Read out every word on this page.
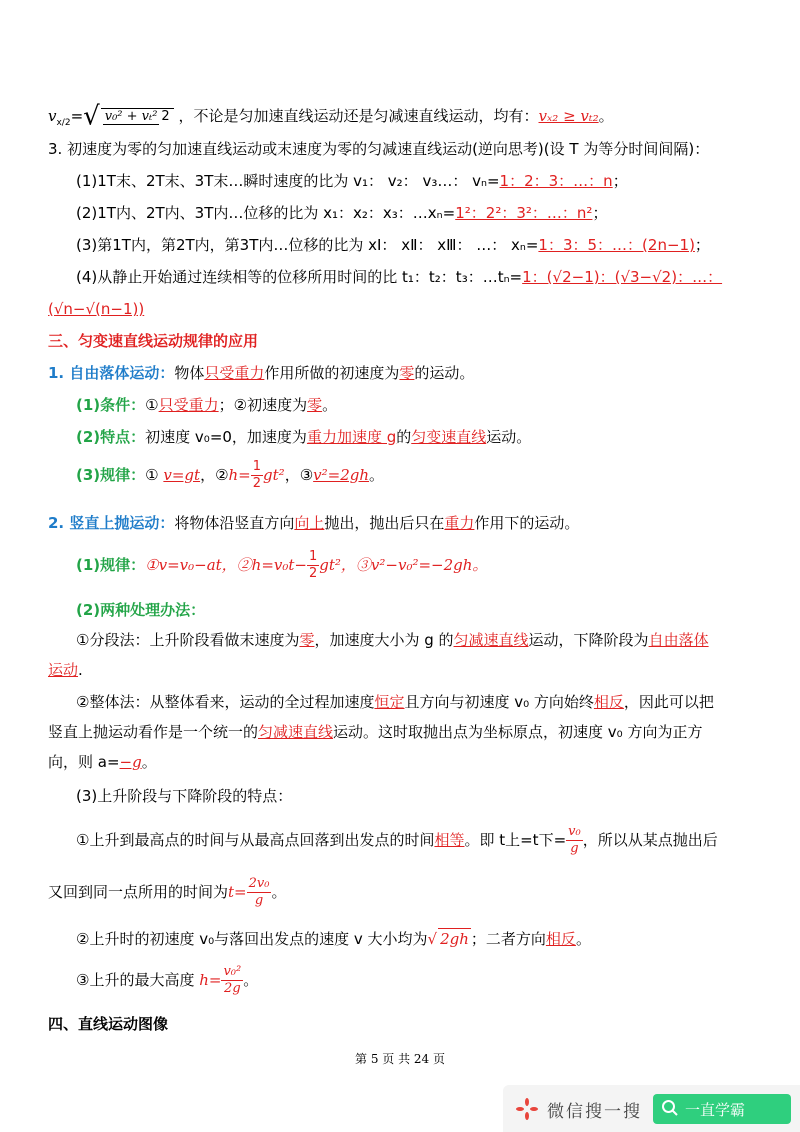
$v_{x/2}=√$ v₀² + vₜ² 2 ，不论是匀加速直线运动还是匀减速直线运动，均有：vₓ₂ ≥ vₜ₂。
3. 初速度为零的匀加速直线运动或末速度为零的匀减速直线运动(逆向思考)(设 T 为等分时间间隔)：
(1)1T末、2T末、3T末…瞬时速度的比为 v₁： v₂： v₃…： vₙ=1：2：3：…：n；
(2)1T内、2T内、3T内…位移的比为 x₁：x₂：x₃：…xₙ=1²：2²：3²：…：n²；
(3)第1T内，第2T内，第3T内…位移的比为 xⅠ： xⅡ： xⅢ： …： xₙ=1：3：5：…：(2n−1)；
(4)从静止开始通过连续相等的位移所用时间的比 t₁：t₂：t₃：…tₙ=1：(√2−1)：(√3−√2)：…：
(√n−√(n−1))
三、匀变速直线运动规律的应用
1. 自由落体运动：物体只受重力作用所做的初速度为零的运动。
(1)条件：①只受重力；②初速度为零。
(2)特点：初速度 v₀=0，加速度为重力加速度 g的匀变速直线运动。
(3)规律：① v=gt，②h= $\frac{1}{2} gt^2$，③v²=2gh。
2. 竖直上抛运动：将物体沿竖直方向向上抛出，抛出后只在重力作用下的运动。
(1)规律：①v=v₀−at，②h=v₀t− $\frac{1}{2} gt^2$，③v²−v₀²=−2gh。
(2)两种处理办法：
①分段法：上升阶段看做末速度为零，加速度大小为 g 的匀减速直线运动，下降阶段为自由落体
运动.
②整体法：从整体看来，运动的全过程加速度恒定且方向与初速度 v₀ 方向始终相反，因此可以把
竖直上抛运动看作是一个统一的匀减速直线运动。这时取抛出点为坐标原点，初速度 v₀ 方向为正方
向，则 a=−g。
(3)上升阶段与下降阶段的特点：
①上升到最高点的时间与从最高点回落到出发点的时间相等。即 t上=t下= $\frac{\text{v₀}}{g}$ ，所以从某点抛出后
又回到同一点所用的时间为$t= \frac{\text{2v₀}}{g}$ 。
②上升时的初速度 v₀与落回出发点的速度 v 大小均为√ 2gh ；二者方向相反。
③上升的最大高度 $h= \frac{\text{v₀²}}{2g}$ 。
四、直线运动图像
第 5 页 共 24 页
微信搜一搜	一直学霸
